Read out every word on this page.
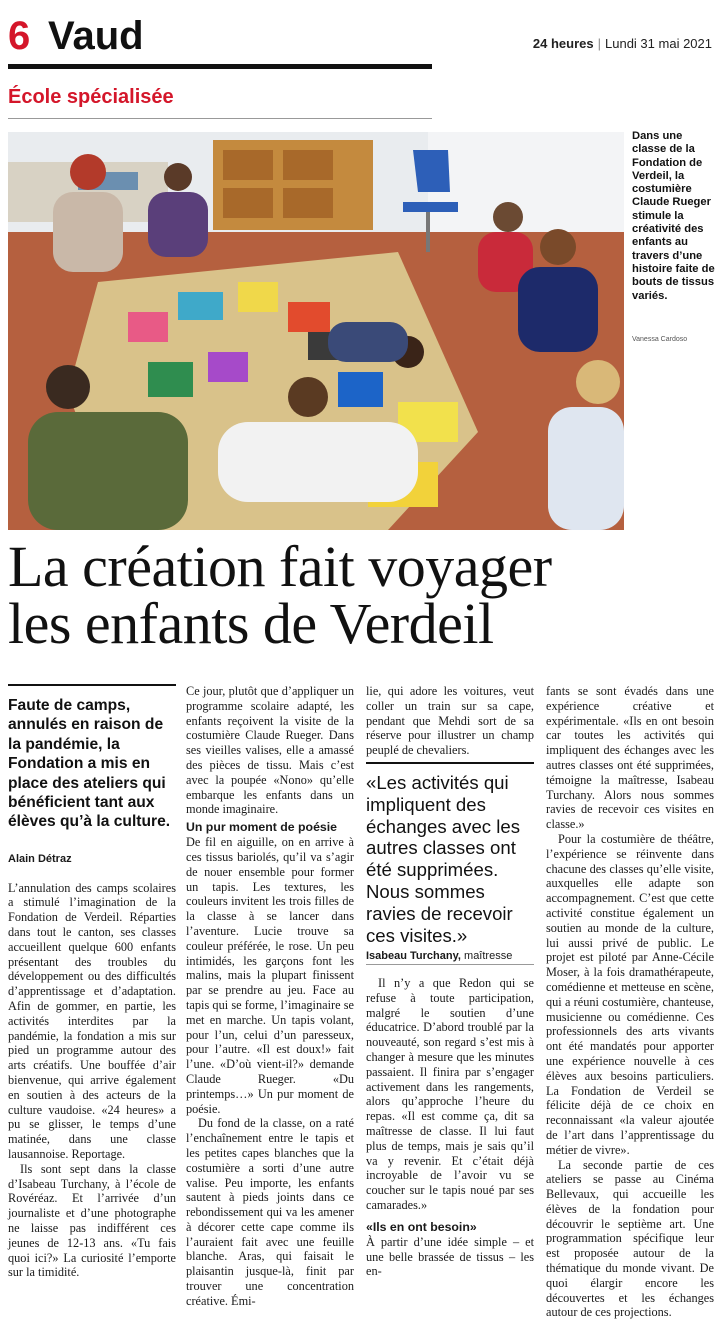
6 Vaud	24 heures | Lundi 31 mai 2021
École spécialisée
Dans une classe de la Fondation de Verdeil, la costumière Claude Rueger stimule la créativité des enfants au travers d’une histoire faite de bouts de tissus variés.
Vanessa Cardoso
La création fait voyager
les enfants de Verdeil

Faute de camps, annulés en raison de la pandémie, la Fondation a mis en place des ateliers qui bénéficient tant aux élèves qu’à la culture.

Alain Détraz

L’annulation des camps scolaires a stimulé l’imagination de la Fondation de Verdeil. Réparties dans tout le canton, ses classes accueillent quelque 600 enfants présentant des troubles du développement ou des difficultés d’apprentissage et d’adaptation. Afin de gommer, en partie, les activités interdites par la pandémie, la fondation a mis sur pied un programme autour des arts créatifs. Une bouffée d’air bienvenue, qui arrive également en soutien à des acteurs de la culture vaudoise. «24 heures» a pu se glisser, le temps d’une matinée, dans une classe lausannoise. Reportage.

Ils sont sept dans la classe d’Isabeau Turchany, à l’école de Rovéréaz. Et l’arrivée d’un journaliste et d’une photographe ne laisse pas indifférent ces jeunes de 12-13 ans. «Tu fais quoi ici?» La curiosité l’emporte sur la timidité.

Ce jour, plutôt que d’appliquer un programme scolaire adapté, les enfants reçoivent la visite de la costumière Claude Rueger. Dans ses vieilles valises, elle a amassé des pièces de tissu. Mais c’est avec la poupée «Nono» qu’elle embarque les enfants dans un monde imaginaire.

Un pur moment de poésie

De fil en aiguille, on en arrive à ces tissus bariolés, qu’il va s’agir de nouer ensemble pour former un tapis. Les textures, les couleurs invitent les trois filles de la classe à se lancer dans l’aventure. Lucie trouve sa couleur préférée, le rose. Un peu intimidés, les garçons font les malins, mais la plupart finissent par se prendre au jeu. Face au tapis qui se forme, l’imaginaire se met en marche. Un tapis volant, pour l’un, celui d’un paresseux, pour l’autre. «Il est doux!» fait l’une. «D’où vient-il?» demande Claude Rueger. «Du printemps…» Un pur moment de poésie.

Du fond de la classe, on a raté l’enchaînement entre le tapis et les petites capes blanches que la costumière a sorti d’une autre valise. Peu importe, les enfants sautent à pieds joints dans ce rebondissement qui va les amener à décorer cette cape comme ils l’auraient fait avec une feuille blanche. Aras, qui faisait le plaisantin jusque-là, finit par trouver une concentration créative. Émi-

lie, qui adore les voitures, veut coller un train sur sa cape, pendant que Mehdi sort de sa réserve pour illustrer un champ peuplé de chevaliers.

«Les activités qui impliquent des échanges avec les autres classes ont été supprimées. Nous sommes ravies de recevoir ces visites.»
Isabeau Turchany, maîtresse

Il n’y a que Redon qui se refuse à toute participation, malgré le soutien d’une éducatrice. D’abord troublé par la nouveauté, son regard s’est mis à changer à mesure que les minutes passaient. Il finira par s’engager activement dans les rangements, alors qu’approche l’heure du repas. «Il est comme ça, dit sa maîtresse de classe. Il lui faut plus de temps, mais je sais qu’il va y revenir. Et c’était déjà incroyable de l’avoir vu se coucher sur le tapis noué par ses camarades.»

«Ils en ont besoin»

À partir d’une idée simple – et une belle brassée de tissus – les en-

fants se sont évadés dans une expérience créative et expérimentale. «Ils en ont besoin car toutes les activités qui impliquent des échanges avec les autres classes ont été supprimées, témoigne la maîtresse, Isabeau Turchany. Alors nous sommes ravies de recevoir ces visites en classe.»

Pour la costumière de théâtre, l’expérience se réinvente dans chacune des classes qu’elle visite, auxquelles elle adapte son accompagnement. C’est que cette activité constitue également un soutien au monde de la culture, lui aussi privé de public. Le projet est piloté par Anne-Cécile Moser, à la fois dramathérapeute, comédienne et metteuse en scène, qui a réuni costumière, chanteuse, musicienne ou comédienne. Ces professionnels des arts vivants ont été mandatés pour apporter une expérience nouvelle à ces élèves aux besoins particuliers. La Fondation de Verdeil se félicite déjà de ce choix en reconnaissant «la valeur ajoutée de l’art dans l’apprentissage du métier de vivre».

La seconde partie de ces ateliers se passe au Cinéma Bellevaux, qui accueille les élèves de la fondation pour découvrir le septième art. Une programmation spécifique leur est proposée autour de la thématique du monde vivant. De quoi élargir encore les découvertes et les échanges autour de ces projections.
